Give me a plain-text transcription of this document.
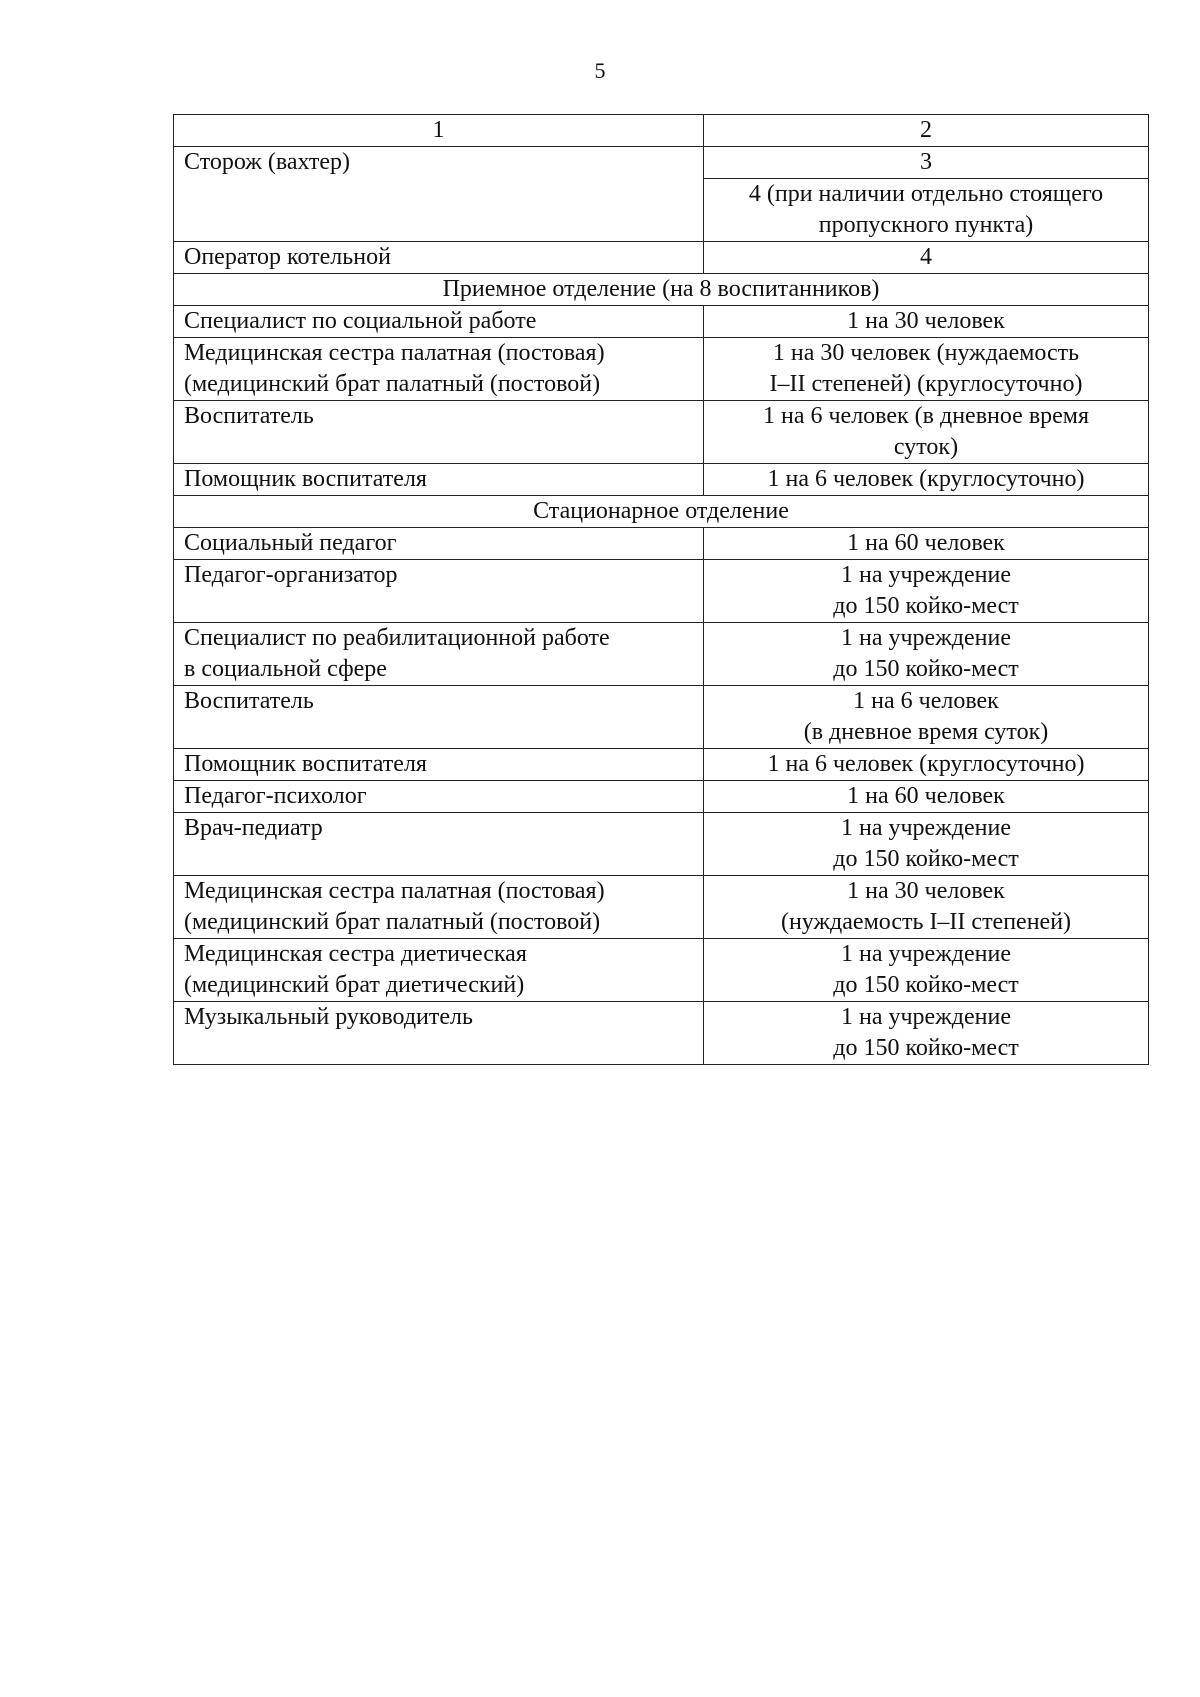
5
1	2
Сторож (вахтер)	3

	4 (при наличии отдельно стоящего
пропускного пункта)

Оператор котельной	4
Приемное отделение (на 8 воспитанников)	

Специалист по социальной работе	1 на 30 человек

Медицинская сестра палатная (постовая)
(медицинский брат палатный (постовой)	1 на 30 человек (нуждаемость
I–II степеней) (круглосуточно)

Воспитатель	1 на 6 человек (в дневное время
суток)

Помощник воспитателя	1 на 6 человек (круглосуточно)

Стационарное отделение	

Социальный педагог	1 на 60 человек

Педагог-организатор	1 на учреждение
до 150 койко-мест

Специалист по реабилитационной работе
в социальной сфере	1 на учреждение
до 150 койко-мест

Воспитатель	1 на 6 человек
(в дневное время суток)

Помощник воспитателя	1 на 6 человек (круглосуточно)

Педагог-психолог	1 на 60 человек

Врач-педиатр	1 на учреждение
до 150 койко-мест

Медицинская сестра палатная (постовая)
(медицинский брат палатный (постовой)	1 на 30 человек
(нуждаемость I–II степеней)

Медицинская сестра диетическая
(медицинский брат диетический)	1 на учреждение
до 150 койко-мест

Музыкальный руководитель	1 на учреждение
до 150 койко-мест
